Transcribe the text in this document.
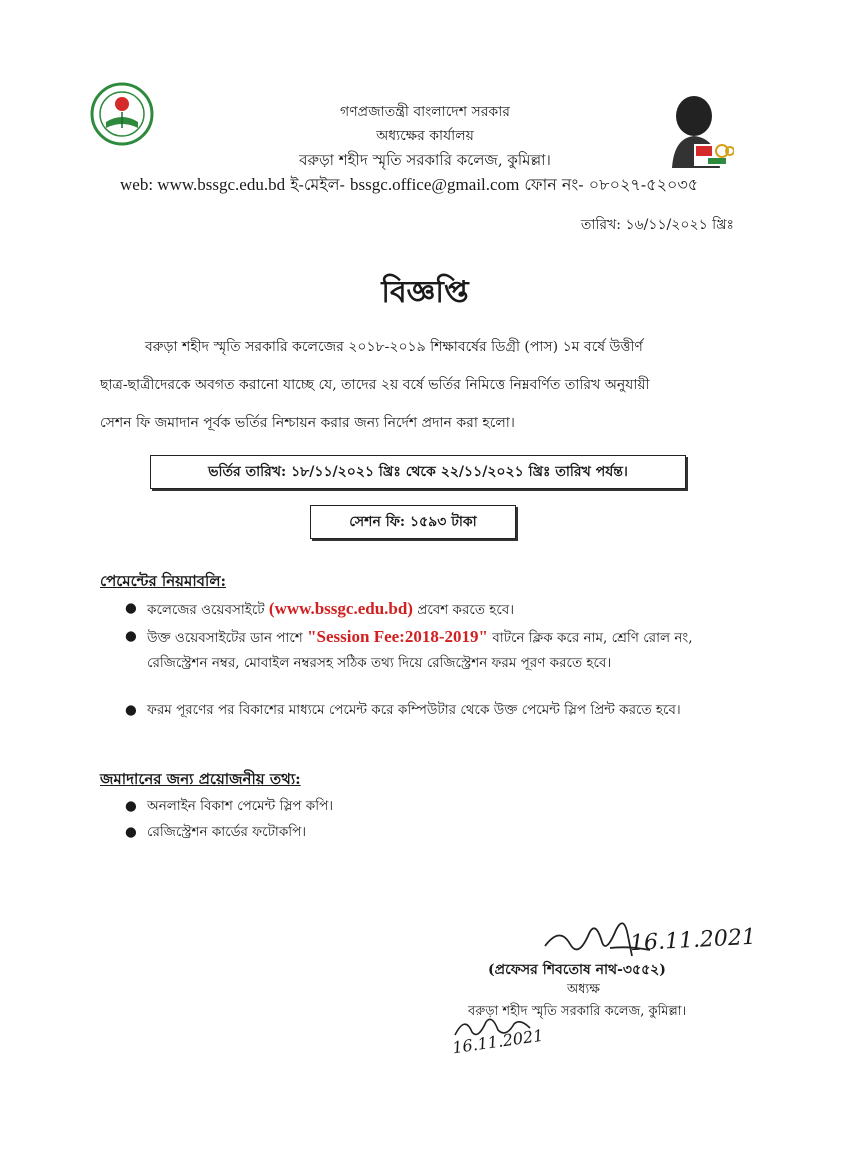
গণপ্রজাতন্ত্রী বাংলাদেশ সরকার
অধ্যক্ষের কার্যালয়
বরুড়া শহীদ স্মৃতি সরকারি কলেজ, কুমিল্লা।
web: www.bssgc.edu.bd ই-মেইল- bssgc.office@gmail.com ফোন নং- ০৮০২৭-৫২০৩৫
তারিখ: ১৬/১১/২০২১ খ্রিঃ
বিজ্ঞপ্তি
বরুড়া শহীদ স্মৃতি সরকারি কলেজের ২০১৮-২০১৯ শিক্ষাবর্ষের ডিগ্রী (পাস) ১ম বর্ষে উত্তীর্ণ
ছাত্র-ছাত্রীদেরকে অবগত করানো যাচ্ছে যে, তাদের ২য় বর্ষে ভর্তির নিমিত্তে নিম্নবর্ণিত তারিখ অনুযায়ী
সেশন ফি জমাদান পূর্বক ভর্তির নিশ্চায়ন করার জন্য নির্দেশ প্রদান করা হলো।
ভর্তির তারিখ: ১৮/১১/২০২১ খ্রিঃ থেকে ২২/১১/২০২১ খ্রিঃ তারিখ পর্যন্ত।
সেশন ফি: ১৫৯৩ টাকা
পেমেন্টের নিয়মাবলি:
● কলেজের ওয়েবসাইটে (www.bssgc.edu.bd) প্রবেশ করতে হবে।
● উক্ত ওয়েবসাইটের ডান পাশে "Session Fee:2018-2019" বাটনে ক্লিক করে নাম, শ্রেণি রোল নং, রেজিস্ট্রেশন নম্বর, মোবাইল নম্বরসহ সঠিক তথ্য দিয়ে রেজিস্ট্রেশন ফরম পূরণ করতে হবে।
● ফরম পূরণের পর বিকাশের মাধ্যমে পেমেন্ট করে কম্পিউটার থেকে উক্ত পেমেন্ট স্লিপ প্রিন্ট করতে হবে।
জমাদানের জন্য প্রয়োজনীয় তথ্য:
● অনলাইন বিকাশ পেমেন্ট স্লিপ কপি।
● রেজিস্ট্রেশন কার্ডের ফটোকপি।
16.11.2021
(প্রফেসর শিবতোষ নাথ-৩৫৫২)
অধ্যক্ষ
বরুড়া শহীদ স্মৃতি সরকারি কলেজ, কুমিল্লা।
16.11.2021
